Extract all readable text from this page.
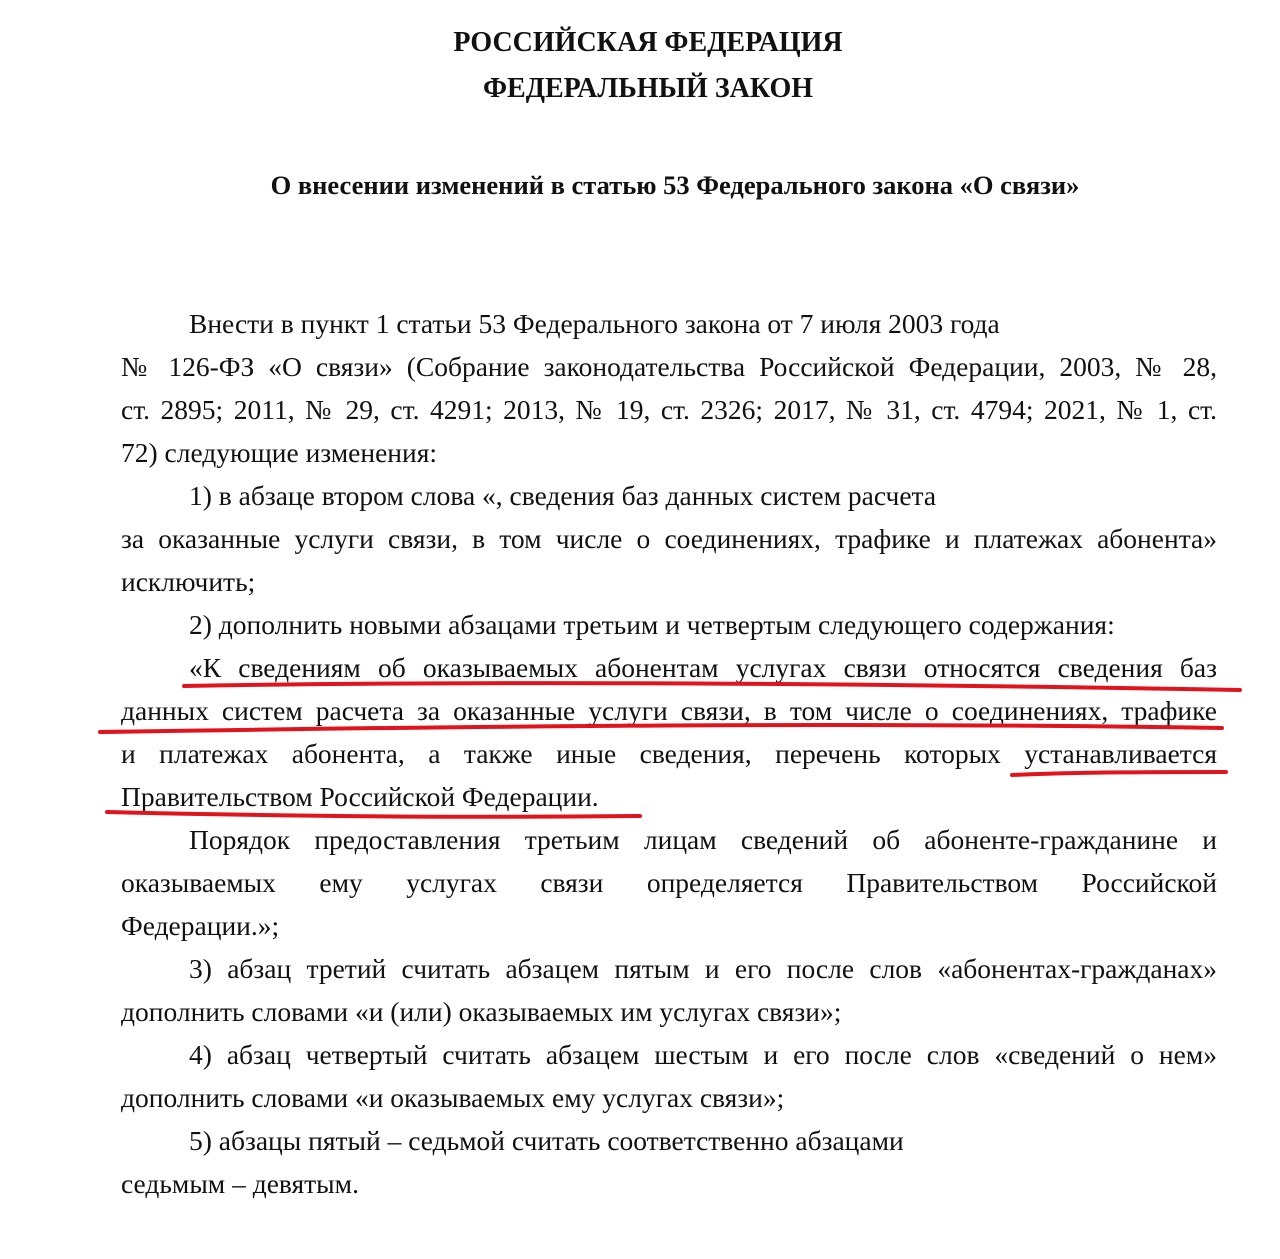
РОССИЙСКАЯ ФЕДЕРАЦИЯ
ФЕДЕРАЛЬНЫЙ ЗАКОН
О внесении изменений в статью 53 Федерального закона «О связи»
Внести в пункт 1 статьи 53 Федерального закона от 7 июля 2003 года
№ 126-ФЗ «О связи» (Собрание законодательства Российской Федерации, 2003, № 28,
ст. 2895; 2011, № 29, ст. 4291; 2013, № 19, ст. 2326; 2017, № 31, ст. 4794; 2021, № 1, ст.
72) следующие изменения:
1) в абзаце втором слова «, сведения баз данных систем расчета
за оказанные услуги связи, в том числе о соединениях, трафике и платежах абонента»
исключить;
2) дополнить новыми абзацами третьим и четвертым следующего содержания:
«К сведениям об оказываемых абонентам услугах связи относятся сведения баз
данных систем расчета за оказанные услуги связи, в том числе о соединениях, трафике
и платежах абонента, а также иные сведения, перечень которых устанавливается
Правительством Российской Федерации.
Порядок предоставления третьим лицам сведений об абоненте-гражданине и
оказываемых ему услугах связи определяется Правительством Российской
Федерации.»;
3) абзац третий считать абзацем пятым и его после слов «абонентах-гражданах»
дополнить словами «и (или) оказываемых им услугах связи»;
4) абзац четвертый считать абзацем шестым и его после слов «сведений о нем»
дополнить словами «и оказываемых ему услугах связи»;
5) абзацы пятый – седьмой считать соответственно абзацами
седьмым – девятым.
